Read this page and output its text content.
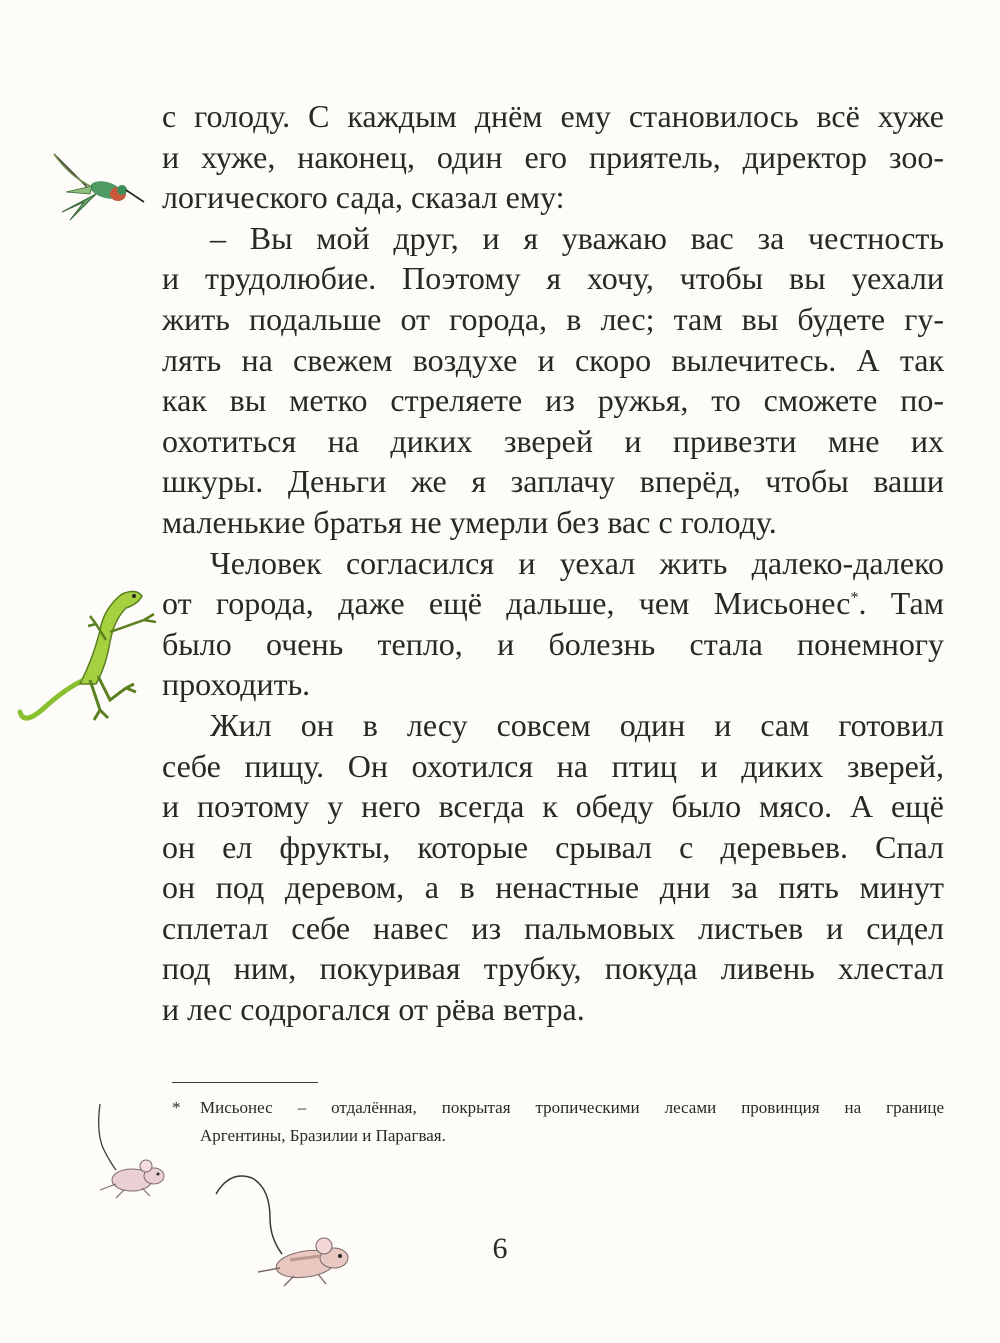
с голоду. С каждым днём ему становилось всё хуже
и хуже, наконец, один его приятель, директор зоо-
логического сада, сказал ему:
– Вы мой друг, и я уважаю вас за честность
и трудолюбие. Поэтому я хочу, чтобы вы уехали
жить подальше от города, в лес; там вы будете гу-
лять на свежем воздухе и скоро вылечитесь. А так
как вы метко стреляете из ружья, то сможете по-
охотиться на диких зверей и привезти мне их
шкуры. Деньги же я заплачу вперёд, чтобы ваши
маленькие братья не умерли без вас с голоду.
Человек согласился и уехал жить далеко-далеко
от города, даже ещё дальше, чем Мисьонес*. Там
было очень тепло, и болезнь стала понемногу
проходить.
Жил он в лесу совсем один и сам готовил
себе пищу. Он охотился на птиц и диких зверей,
и поэтому у него всегда к обеду было мясо. А ещё
он ел фрукты, которые срывал с деревьев. Спал
он под деревом, а в ненастные дни за пять минут
сплетал себе навес из пальмовых листьев и сидел
под ним, покуривая трубку, покуда ливень хлестал
и лес содрогался от рёва ветра.
* Мисьонес – отдалённая, покрытая тропическими лесами провинция на границе
Аргентины, Бразилии и Парагвая.
6
